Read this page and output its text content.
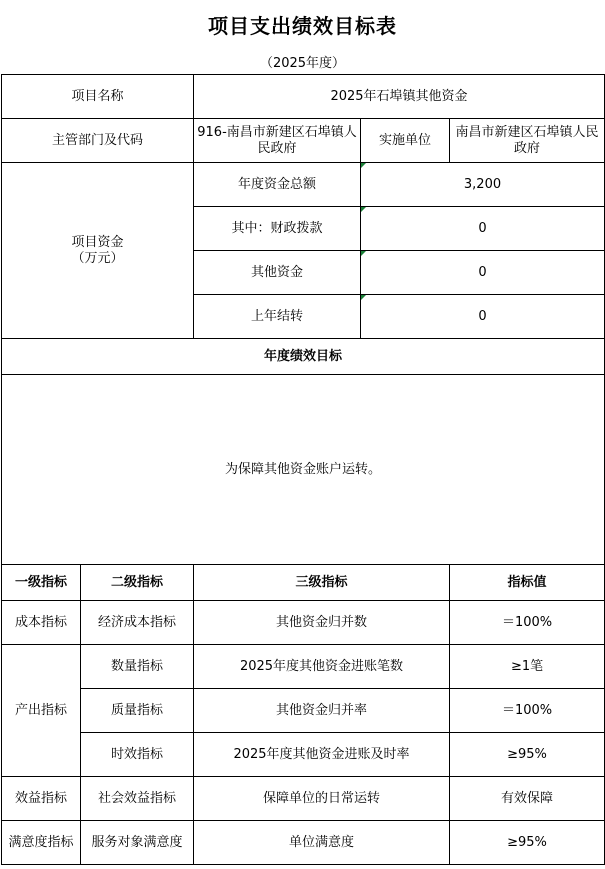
项目支出绩效目标表
（2025年度）
项目名称		2025年石埠镇其他资金		
主管部门及代码		916-南昌市新建区石埠镇人民政府	实施单位	南昌市新建区石埠镇人民政府
项目资金
（万元）		年度资金总额	3,200	
		其中：财政拨款	0	
		其他资金	0	
		上年结转	0	
年度绩效目标				
为保障其他资金账户运转。				
一级指标	二级指标	三级指标		指标值
成本指标	经济成本指标	其他资金归并数		＝100%
产出指标	数量指标	2025年度其他资金进账笔数		≥1笔
	质量指标	其他资金归并率		＝100%
	时效指标	2025年度其他资金进账及时率		≥95%
效益指标	社会效益指标	保障单位的日常运转		有效保障
满意度指标	服务对象满意度	单位满意度		≥95%
